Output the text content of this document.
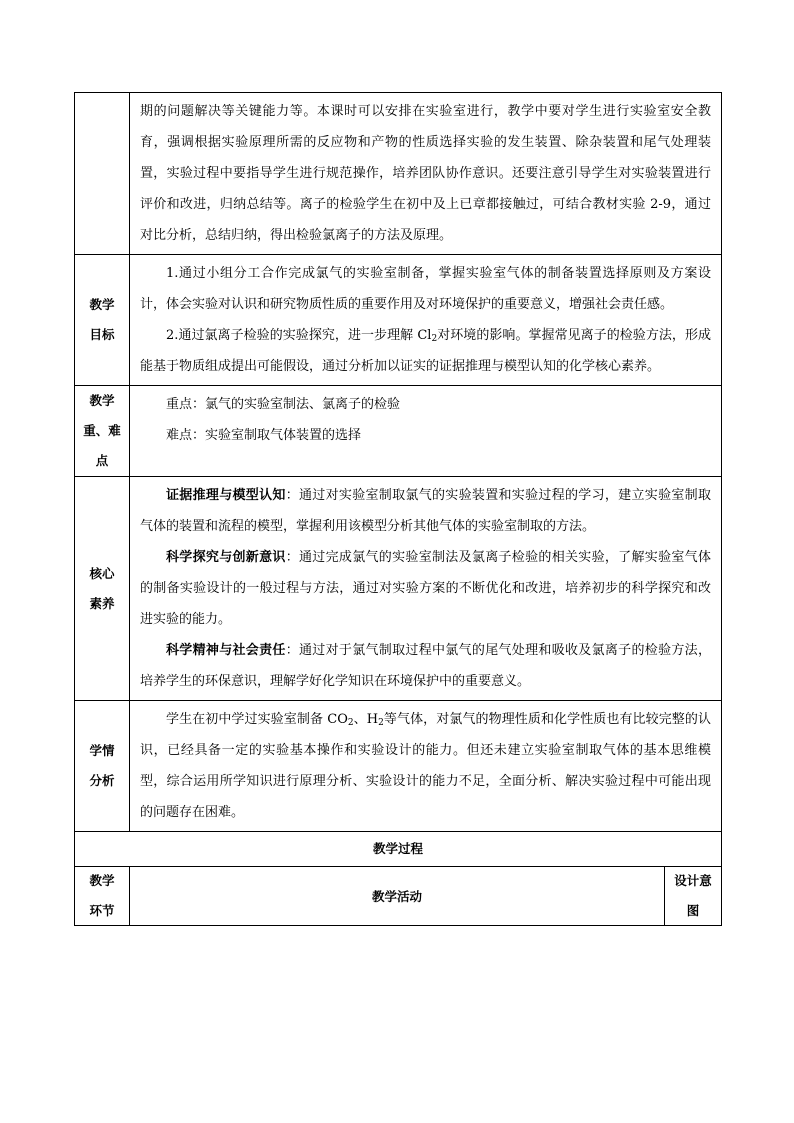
期的问题解决等关键能力等。本课时可以安排在实验室进行，教学中要对学生进行实验室安全教育，强调根据实验原理所需的反应物和产物的性质选择实验的发生装置、除杂装置和尾气处理装置，实验过程中要指导学生进行规范操作，培养团队协作意识。还要注意引导学生对实验装置进行评价和改进，归纳总结等。离子的检验学生在初中及上已章都接触过，可结合教材实验 2-9，通过对比分析，总结归纳，得出检验氯离子的方法及原理。
教学
目标
1.通过小组分工合作完成氯气的实验室制备，掌握实验室气体的制备装置选择原则及方案设计，体会实验对认识和研究物质性质的重要作用及对环境保护的重要意义，增强社会责任感。
2.通过氯离子检验的实验探究，进一步理解 $Cl_2$对环境的影响。掌握常见离子的检验方法，形成能基于物质组成提出可能假设，通过分析加以证实的证据推理与模型认知的化学核心素养。
教学
重、难
点
重点：氯气的实验室制法、氯离子的检验
难点：实验室制取气体装置的选择
核心
素养
证据推理与模型认知：通过对实验室制取氯气的实验装置和实验过程的学习，建立实验室制取气体的装置和流程的模型，掌握利用该模型分析其他气体的实验室制取的方法。
科学探究与创新意识：通过完成氯气的实验室制法及氯离子检验的相关实验，了解实验室气体的制备实验设计的一般过程与方法，通过对实验方案的不断优化和改进，培养初步的科学探究和改进实验的能力。
科学精神与社会责任：通过对于氯气制取过程中氯气的尾气处理和吸收及氯离子的检验方法，培养学生的环保意识，理解学好化学知识在环境保护中的重要意义。
学情
分析
学生在初中学过实验室制备 $CO_2$、$H_2$等气体，对氯气的物理性质和化学性质也有比较完整的认识，已经具备一定的实验基本操作和实验设计的能力。但还未建立实验室制取气体的基本思维模型，综合运用所学知识进行原理分析、实验设计的能力不足，全面分析、解决实验过程中可能出现的问题存在困难。
教学过程
教学
环节
教学活动
设计意
图
